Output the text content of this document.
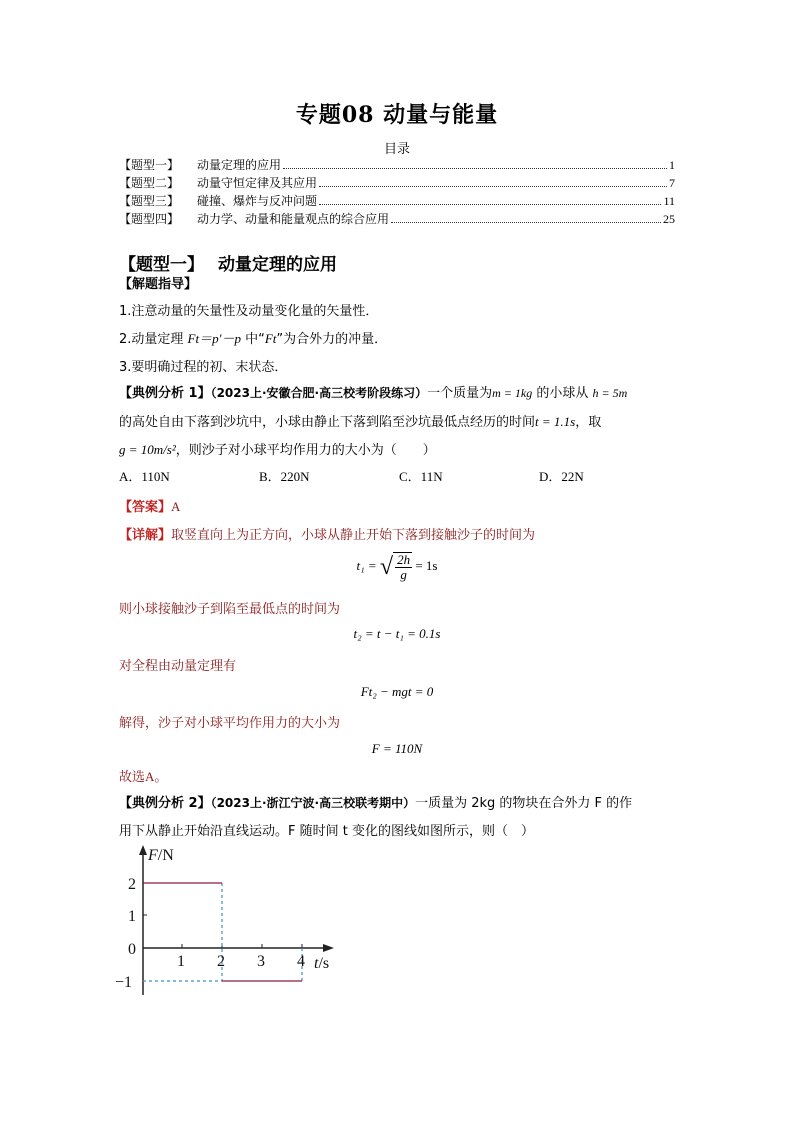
专题08 动量与能量
目录
【题型一】	动量定理的应用	1
【题型二】	动量守恒定律及其应用	7
【题型三】	碰撞、爆炸与反冲问题	11
【题型四】	动力学、动量和能量观点的综合应用	25
【题型一】 动量定理的应用
【解题指导】
1.注意动量的矢量性及动量变化量的矢量性．
2.动量定理 Ft＝p′－p 中“Ft”为合外力的冲量．
3.要明确过程的初、末状态．
【典例分析 1】（2023上·安徽合肥·高三校考阶段练习）一个质量为m = 1kg 的小球从 h = 5m
的高处自由下落到沙坑中，小球由静止下落到陷至沙坑最低点经历的时间t = 1.1s，取
g = 10m/s²，则沙子对小球平均作用力的大小为（　　）
A．110N	B．220N	C．11N	D．22N
【答案】A
【详解】取竖直向上为正方向，小球从静止开始下落到接触沙子的时间为
t₁ = √ $\frac{2h}{g} = 1s$
则小球接触沙子到陷至最低点的时间为
t₂ = t − t₁ = 0.1s
对全程由动量定理有
Ft₂ − mgt = 0
解得，沙子对小球平均作用力的大小为
F = 110N
故选A。
【典例分析 2】（2023上·浙江宁波·高三校联考期中）一质量为 2kg 的物块在合外力 F 的作
用下从静止开始沿直线运动。F 随时间 t 变化的图线如图所示，则（　）
F/N
2
1
0
−1
1 2 3 4 t/s
